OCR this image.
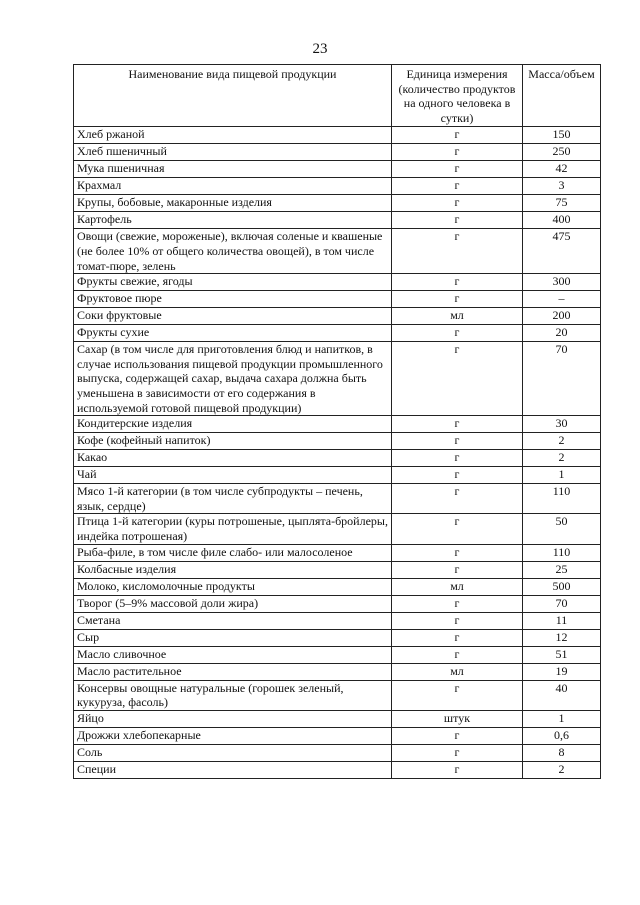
23
Наименование вида пищевой продукции	Единица измерения (количество продуктов на одного человека в сутки)	Масса/объем
Хлеб ржаной	г	150
Хлеб пшеничный	г	250
Мука пшеничная	г	42
Крахмал	г	3
Крупы, бобовые, макаронные изделия	г	75
Картофель	г	400
Овощи (свежие, мороженые), включая соленые и квашеные (не более 10% от общего количества овощей), в том числе томат-пюре, зелень	г	475
Фрукты свежие, ягоды	г	300
Фруктовое пюре	г	–
Соки фруктовые	мл	200
Фрукты сухие	г	20
Сахар (в том числе для приготовления блюд и напитков, в случае использования пищевой продукции промышленного выпуска, содержащей сахар, выдача сахара должна быть уменьшена в зависимости от его содержания в используемой готовой пищевой продукции)	г	70
Кондитерские изделия	г	30
Кофе (кофейный напиток)	г	2
Какао	г	2
Чай	г	1
Мясо 1-й категории (в том числе субпродукты – печень, язык, сердце)	г	110
Птица 1-й категории (куры потрошеные, цыплята-бройлеры, индейка потрошеная)	г	50
Рыба-филе, в том числе филе слабо- или малосоленое	г	110
Колбасные изделия	г	25
Молоко, кисломолочные продукты	мл	500
Творог (5–9% массовой доли жира)	г	70
Сметана	г	11
Сыр	г	12
Масло сливочное	г	51
Масло растительное	мл	19
Консервы овощные натуральные (горошек зеленый, кукуруза, фасоль)	г	40
Яйцо	штук	1
Дрожжи хлебопекарные	г	0,6
Соль	г	8
Специи	г	2
